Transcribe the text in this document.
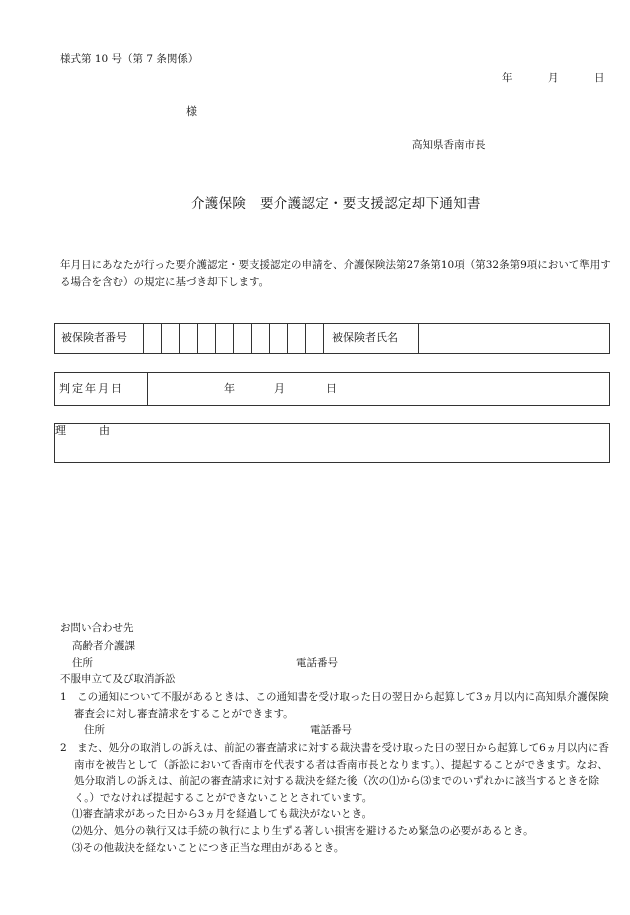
様式第 10 号（第 7 条関係）
年	月	日
様
高知県香南市長
介護保険　要介護認定・要支援認定却下通知書
年月日にあなたが行った要介護認定・要支援認定の申請を、介護保険法第27条第10項（第32条第9項において準用する場合を含む）の規定に基づき却下します。
被保険者番号											被保険者氏名	
判定年月日	年	月	日
理　　　由
お問い合わせ先
高齢者介護課
住所	電話番号
不服申立て及び取消訴訟
1　この通知について不服があるときは、この通知書を受け取った日の翌日から起算して3ヵ月以内に高知県介護保険審査会に対し審査請求をすることができます。
住所	電話番号
2　また、処分の取消しの訴えは、前記の審査請求に対する裁決書を受け取った日の翌日から起算して6ヵ月以内に香南市を被告として（訴訟において香南市を代表する者は香南市長となります。）、提起することができます。なお、処分取消しの訴えは、前記の審査請求に対する裁決を経た後（次の⑴から⑶までのいずれかに該当するときを除く。）でなければ提起することができないこととされています。
⑴審査請求があった日から3ヵ月を経過しても裁決がないとき。
⑵処分、処分の執行又は手続の執行により生ずる著しい損害を避けるため緊急の必要があるとき。
⑶その他裁決を経ないことにつき正当な理由があるとき。
